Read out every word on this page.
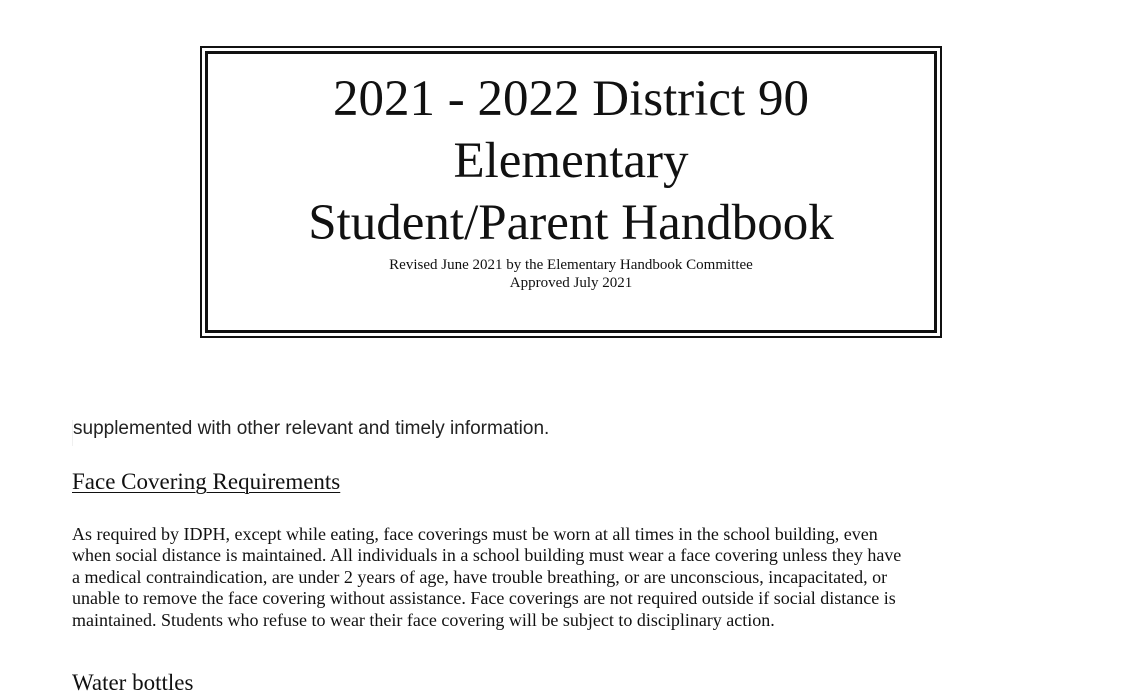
2021 - 2022 District 90
Elementary
Student/Parent Handbook

Revised June 2021 by the Elementary Handbook Committee

Approved July 2021

supplemented with other relevant and timely information.
Face Covering Requirements

As required by IDPH, except while eating, face coverings must be worn at all times in the school building, even
when social distance is maintained. All individuals in a school building must wear a face covering unless they have
a medical contraindication, are under 2 years of age, have trouble breathing, or are unconscious, incapacitated, or
unable to remove the face covering without assistance. Face coverings are not required outside if social distance is
maintained. Students who refuse to wear their face covering will be subject to disciplinary action.

Water bottles
